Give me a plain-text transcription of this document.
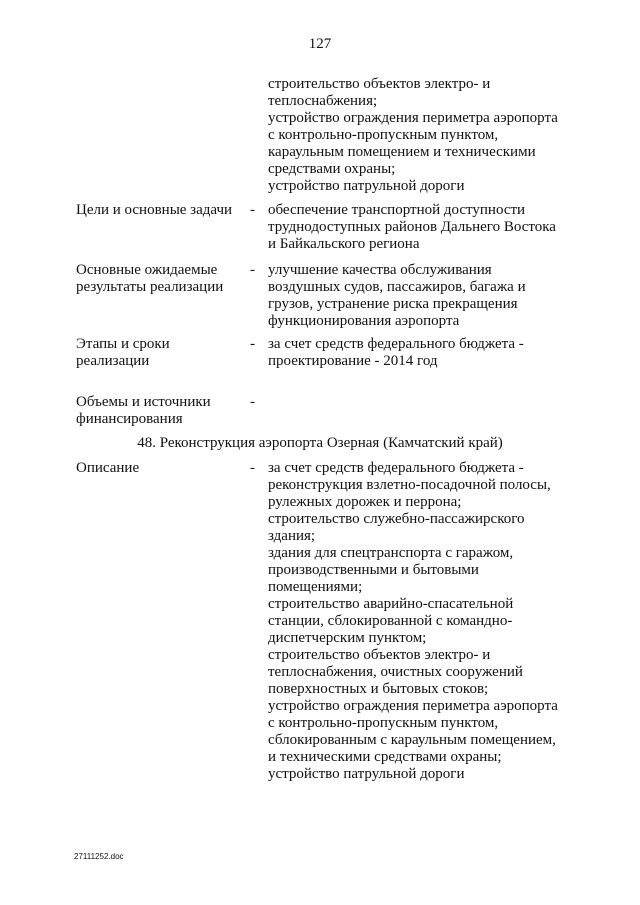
127
строительство объектов электро- и
теплоснабжения;
устройство ограждения периметра аэропорта
с контрольно-пропускным пунктом,
караульным помещением и техническими
средствами охраны;
устройство патрульной дороги
Цели и основные задачи	- обеспечение транспортной доступности
труднодоступных районов Дальнего Востока
и Байкальского региона
Основные ожидаемые
результаты реализации
- улучшение качества обслуживания
воздушных судов, пассажиров, багажа и
грузов, устранение риска прекращения
функционирования аэропорта
Этапы и сроки
реализации
- за счет средств федерального бюджета -
проектирование - 2014 год
Объемы и источники
финансирования
-
48. Реконструкция аэропорта Озерная (Камчатский край)
Описание	- за счет средств федерального бюджета -
реконструкция взлетно-посадочной полосы,
рулежных дорожек и перрона;
строительство служебно-пассажирского
здания;
здания для спецтранспорта с гаражом,
производственными и бытовыми
помещениями;
строительство аварийно-спасательной
станции, сблокированной с командно-
диспетчерским пунктом;
строительство объектов электро- и
теплоснабжения, очистных сооружений
поверхностных и бытовых стоков;
устройство ограждения периметра аэропорта
с контрольно-пропускным пунктом,
сблокированным с караульным помещением,
и техническими средствами охраны;
устройство патрульной дороги
27111252.doc
